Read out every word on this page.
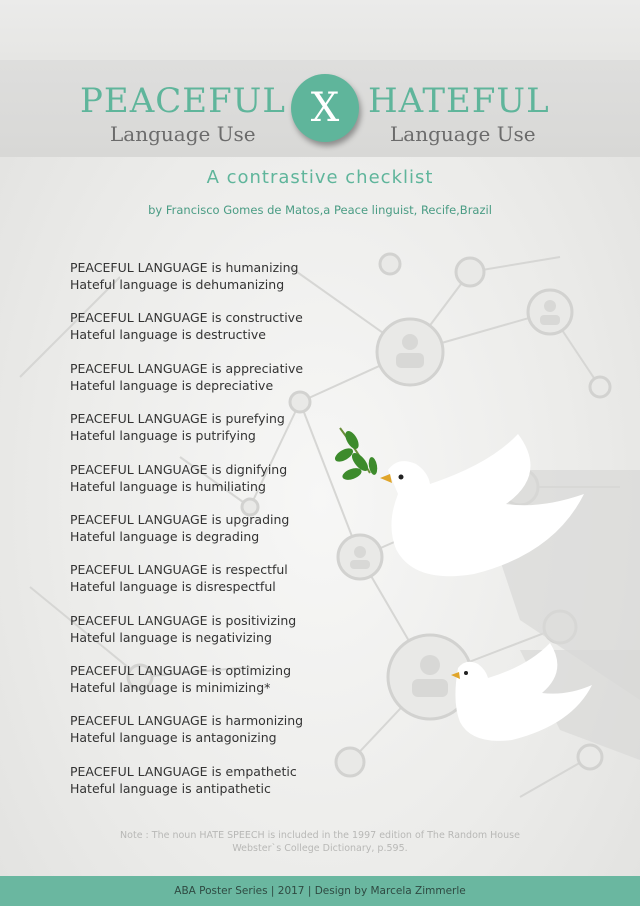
PEACEFUL
Language Use
X HATEFUL
Language Use
A contrastive checklist
by Francisco Gomes de Matos,a Peace linguist, Recife,Brazil
PEACEFUL LANGUAGE is humanizing
Hateful language is dehumanizing
PEACEFUL LANGUAGE is constructive
Hateful language is destructive
PEACEFUL LANGUAGE is appreciative
Hateful language is depreciative
PEACEFUL LANGUAGE is purefying
Hateful language is putrifying
PEACEFUL LANGUAGE is dignifying
Hateful language is humiliating
PEACEFUL LANGUAGE is upgrading
Hateful language is degrading
PEACEFUL LANGUAGE is respectful
Hateful language is disrespectful
PEACEFUL LANGUAGE is positivizing
Hateful language is negativizing
PEACEFUL LANGUAGE is optimizing
Hateful language is minimizing*
PEACEFUL LANGUAGE is harmonizing
Hateful language is antagonizing
PEACEFUL LANGUAGE is empathetic
Hateful language is antipathetic
Note : The noun HATE SPEECH is included in the 1997 edition of The Random House
Webster`s College Dictionary, p.595.
ABA Poster Series | 2017 | Design by Marcela Zimmerle
